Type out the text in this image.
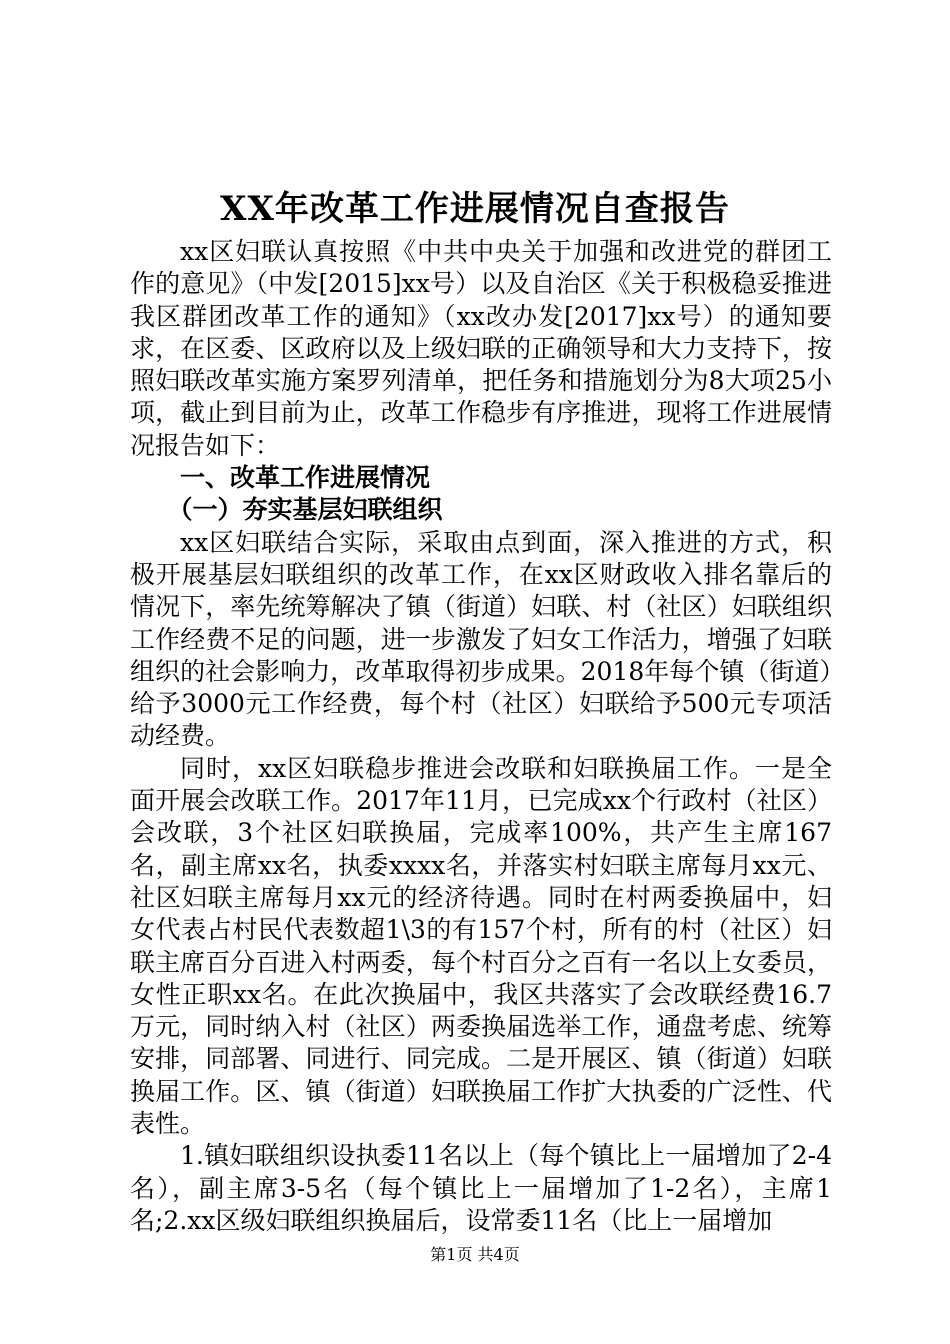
XX年改革工作进展情况自查报告

xx区妇联认真按照《中共中央关于加强和改进党的群团工作的意见》（中发[2015]xx号）以及自治区《关于积极稳妥推进我区群团改革工作的通知》（xx改办发[2017]xx号）的通知要求，在区委、区政府以及上级妇联的正确领导和大力支持下，按照妇联改革实施方案罗列清单，把任务和措施划分为8大项25小项，截止到目前为止，改革工作稳步有序推进，现将工作进展情况报告如下：

一、改革工作进展情况
（一）夯实基层妇联组织

xx区妇联结合实际，采取由点到面，深入推进的方式，积极开展基层妇联组织的改革工作，在xx区财政收入排名靠后的情况下，率先统筹解决了镇（街道）妇联、村（社区）妇联组织工作经费不足的问题，进一步激发了妇女工作活力，增强了妇联组织的社会影响力，改革取得初步成果。2018年每个镇（街道）给予3000元工作经费，每个村（社区）妇联给予500元专项活动经费。

同时，xx区妇联稳步推进会改联和妇联换届工作。一是全面开展会改联工作。2017年11月，已完成xx个行政村（社区）会改联，3个社区妇联换届，完成率100%，共产生主席167名，副主席xx名，执委xxxx名，并落实村妇联主席每月xx元、社区妇联主席每月xx元的经济待遇。同时在村两委换届中，妇女代表占村民代表数超1\3的有157个村，所有的村（社区）妇联主席百分百进入村两委，每个村百分之百有一名以上女委员，女性正职xx名。在此次换届中，我区共落实了会改联经费16.7万元，同时纳入村（社区）两委换届选举工作，通盘考虑、统筹安排，同部署、同进行、同完成。二是开展区、镇（街道）妇联换届工作。区、镇（街道）妇联换届工作扩大执委的广泛性、代表性。

1.镇妇联组织设执委11名以上（每个镇比上一届增加了2-4名），副主席3-5名（每个镇比上一届增加了1-2名），主席1名;2.xx区级妇联组织换届后，设常委11名（比上一届增加

第1页 共4页
